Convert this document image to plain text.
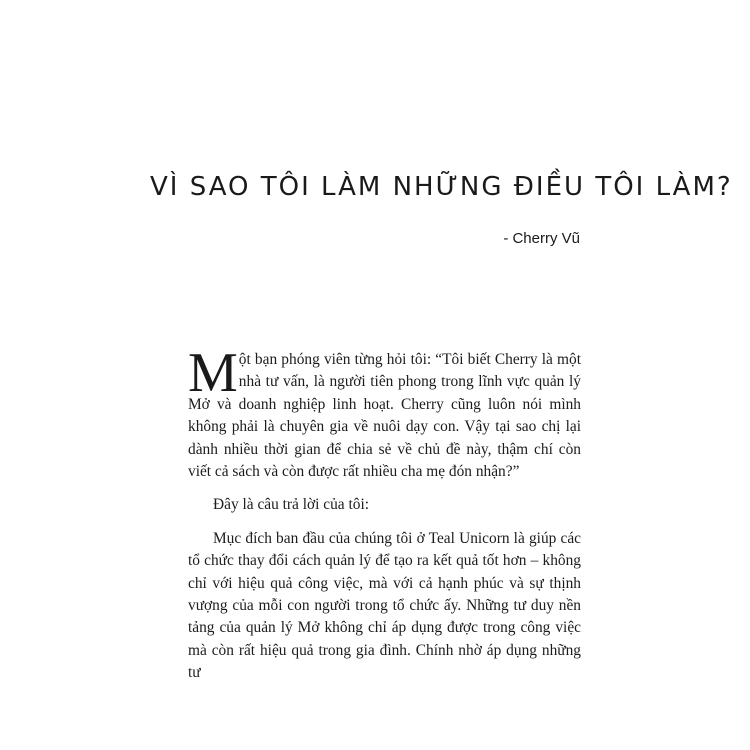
VÌ SAO TÔI LÀM NHỮNG ĐIỀU TÔI LÀM?

- Cherry Vũ

Một bạn phóng viên từng hỏi tôi: “Tôi biết Cherry là một nhà tư vấn, là người tiên phong trong lĩnh vực quản lý Mở và doanh nghiệp linh hoạt. Cherry cũng luôn nói mình không phải là chuyên gia về nuôi dạy con. Vậy tại sao chị lại dành nhiều thời gian để chia sẻ về chủ đề này, thậm chí còn viết cả sách và còn được rất nhiều cha mẹ đón nhận?”

Đây là câu trả lời của tôi:

Mục đích ban đầu của chúng tôi ở Teal Unicorn là giúp các tổ chức thay đổi cách quản lý để tạo ra kết quả tốt hơn – không chỉ với hiệu quả công việc, mà với cả hạnh phúc và sự thịnh vượng của mỗi con người trong tổ chức ấy. Những tư duy nền tảng của quản lý Mở không chỉ áp dụng được trong công việc mà còn rất hiệu quả trong gia đình. Chính nhờ áp dụng những tư
